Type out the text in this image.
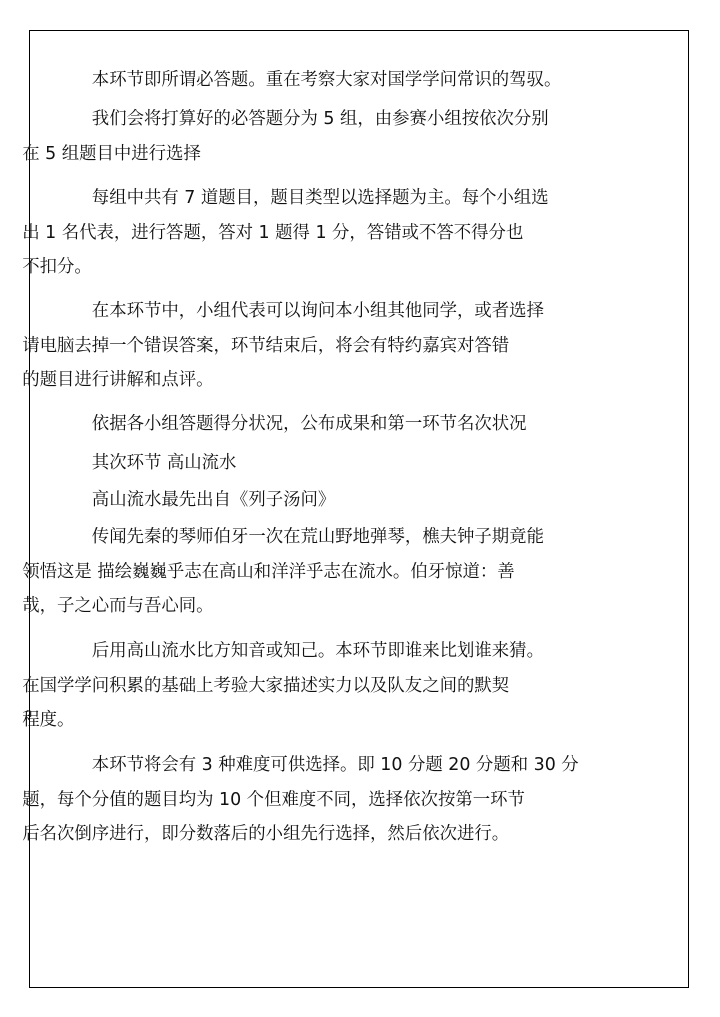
本环节即所谓必答题。重在考察大家对国学学问常识的驾驭。
我们会将打算好的必答题分为 5 组，由参赛小组按依次分别
在 5 组题目中进行选择
每组中共有 7 道题目，题目类型以选择题为主。每个小组选
出 1 名代表，进行答题，答对 1 题得 1 分，答错或不答不得分也
不扣分。
在本环节中，小组代表可以询问本小组其他同学，或者选择
请电脑去掉一个错误答案，环节结束后，将会有特约嘉宾对答错
的题目进行讲解和点评。
依据各小组答题得分状况，公布成果和第一环节名次状况
其次环节 高山流水
高山流水最先出自《列子汤问》
传闻先秦的琴师伯牙一次在荒山野地弹琴，樵夫钟子期竟能
领悟这是 描绘巍巍乎志在高山和洋洋乎志在流水。伯牙惊道：善
哉，子之心而与吾心同。
后用高山流水比方知音或知己。本环节即谁来比划谁来猜。
在国学学问积累的基础上考验大家描述实力以及队友之间的默契
程度。
本环节将会有 3 种难度可供选择。即 10 分题 20 分题和 30 分
题，每个分值的题目均为 10 个但难度不同，选择依次按第一环节
后名次倒序进行，即分数落后的小组先行选择，然后依次进行。
